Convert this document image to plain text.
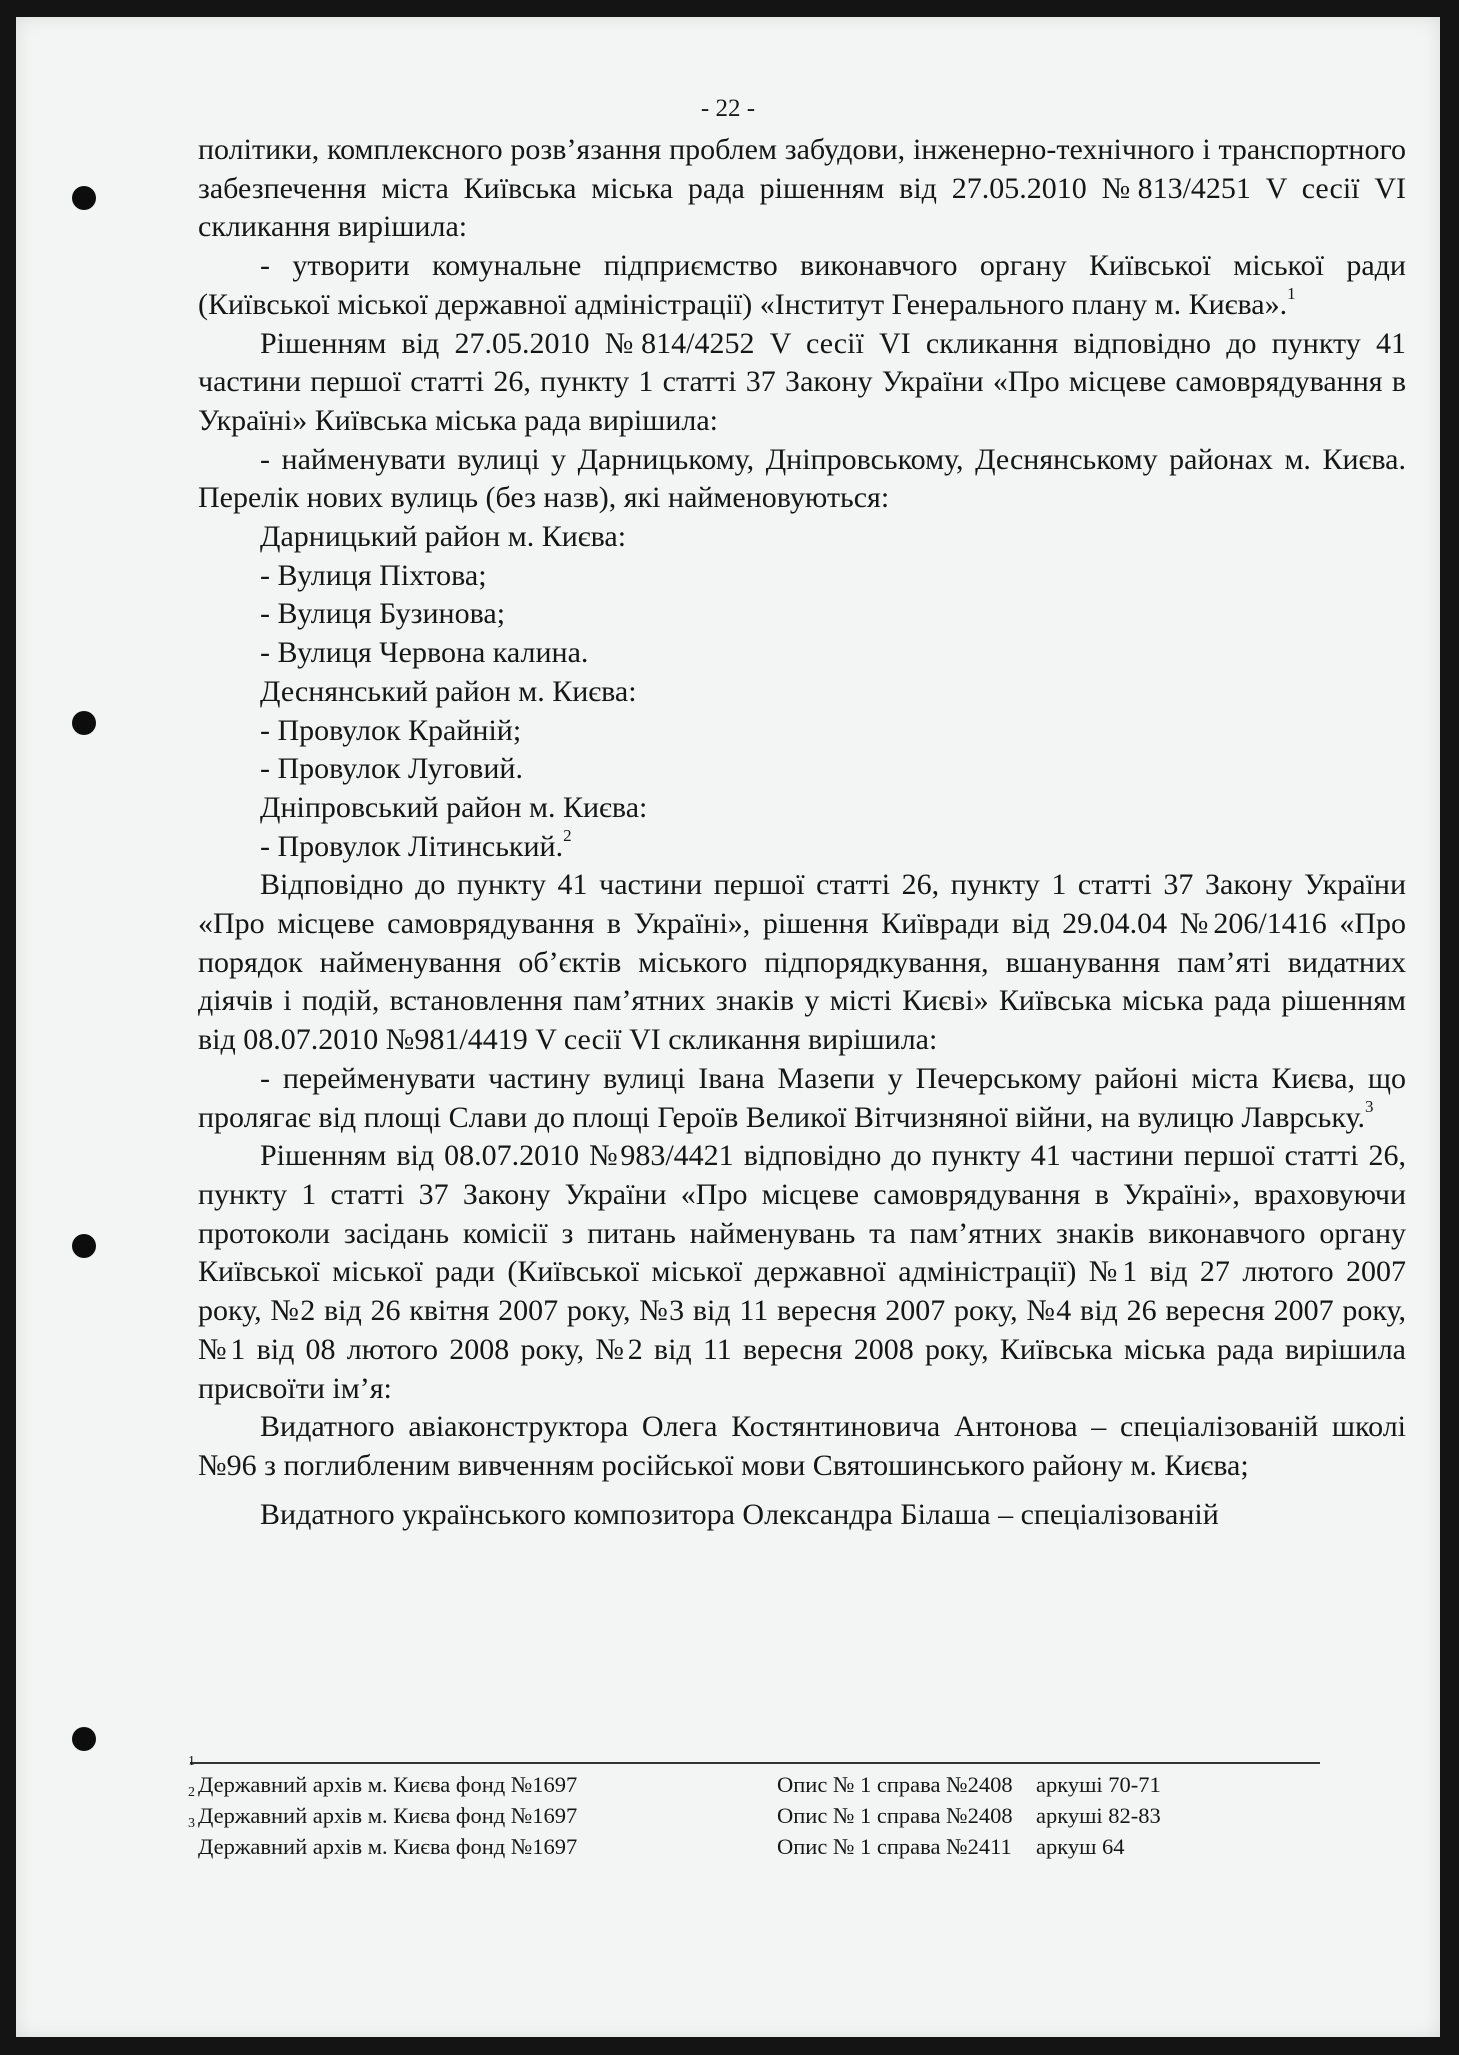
- 22 -

політики, комплексного розв’язання проблем забудови, інженерно-технічного і транспортного забезпечення міста Київська міська рада рішенням від 27.05.2010 №813/4251 V сесії VI скликання вирішила:

- утворити комунальне підприємство виконавчого органу Київської міської ради (Київської міської державної адміністрації) «Інститут Генерального плану м. Києва».$^1$

Рішенням від 27.05.2010 №814/4252 V сесії VI скликання відповідно до пункту 41 частини першої статті 26, пункту 1 статті 37 Закону України «Про місцеве самоврядування в Україні» Київська міська рада вирішила:

- найменувати вулиці у Дарницькому, Дніпровському, Деснянському районах м. Києва. Перелік нових вулиць (без назв), які найменовуються:

Дарницький район м. Києва:

- Вулиця Піхтова;

- Вулиця Бузинова;

- Вулиця Червона калина.

Деснянський район м. Києва:

- Провулок Крайній;

- Провулок Луговий.

Дніпровський район м. Києва:

- Провулок Літинський.$^2$

Відповідно до пункту 41 частини першої статті 26, пункту 1 статті 37 Закону України «Про місцеве самоврядування в Україні», рішення Київради від 29.04.04 №206/1416 «Про порядок найменування об’єктів міського підпорядкування, вшанування пам’яті видатних діячів і подій, встановлення пам’ятних знаків у місті Києві» Київська міська рада рішенням від 08.07.2010 №981/4419 V сесії VI скликання вирішила:

- перейменувати частину вулиці Івана Мазепи у Печерському районі міста Києва, що пролягає від площі Слави до площі Героїв Великої Вітчизняної війни, на вулицю Лаврську.$^3$

Рішенням від 08.07.2010 №983/4421 відповідно до пункту 41 частини першої статті 26, пункту 1 статті 37 Закону України «Про місцеве самоврядування в Україні», враховуючи протоколи засідань комісії з питань найменувань та пам’ятних знаків виконавчого органу Київської міської ради (Київської міської державної адміністрації) №1 від 27 лютого 2007 року, №2 від 26 квітня 2007 року, №3 від 11 вересня 2007 року, №4 від 26 вересня 2007 року, №1 від 08 лютого 2008 року, №2 від 11 вересня 2008 року, Київська міська рада вирішила присвоїти ім’я:

Видатного авіаконструктора Олега Костянтиновича Антонова – спеціалізованій школі №96 з поглибленим вивченням російської мови Святошинського району м. Києва;

Видатного українського композитора Олександра Білаша – спеціалізованій

1
Державний архів м. Києва фонд №1697	Опис № 1 справа №2408 аркуші 70-71
2
Державний архів м. Києва фонд №1697	Опис № 1 справа №2408 аркуші 82-83
3
Державний архів м. Києва фонд №1697	Опис № 1 справа №2411 аркуш 64
